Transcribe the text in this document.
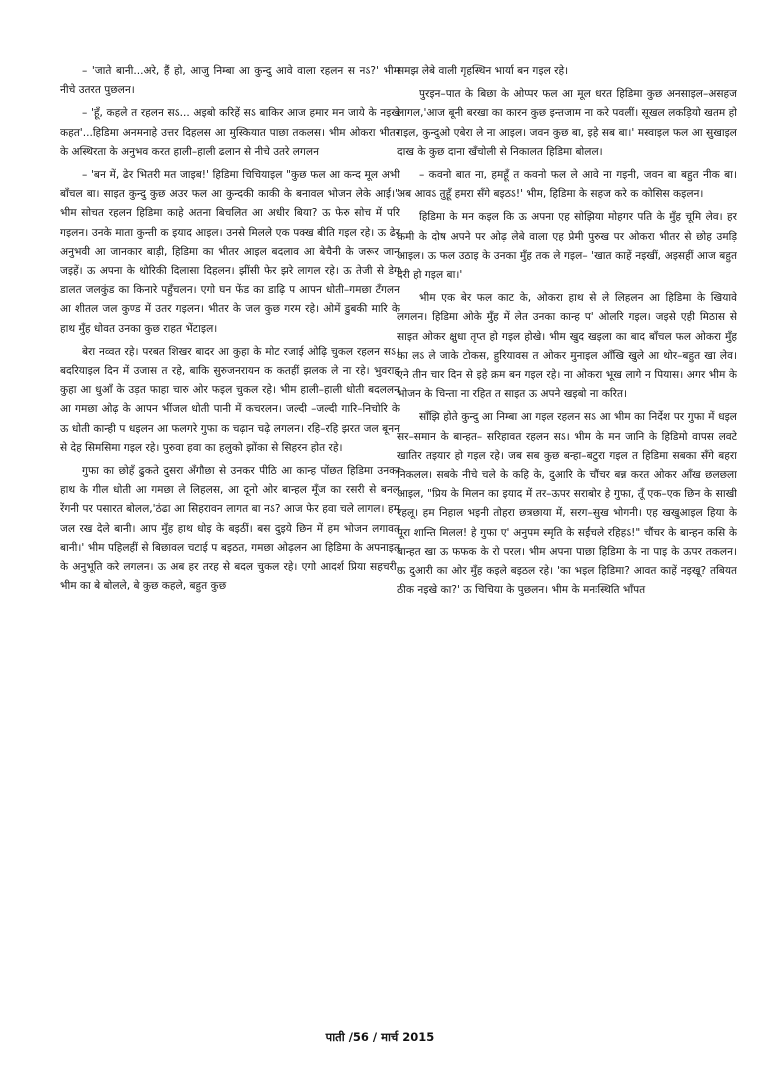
– 'जाते बानी...अरे, हैं हो, आजु निम्बा आ कुन्दु आवे वाला रहलन स नऽ?' भीम नीचे उतरत पुछलन।

– 'हूँ, कहले त रहलन सऽ... अइबो करिहें सऽ बाकिर आज हमार मन जाये के नइखे कहत'...हिडिमा अनमनाहे उत्तर दिहलस आ मुस्कियात पाछा तकलस। भीम ओकरा भीतर के अस्थिरता के अनुभव करत हाली–हाली ढलान से नीचे उतरे लगलन

– 'बन में, ढेर भितरी मत जाइब!' हिडिमा चिचियाइल "कुछ फल आ कन्द मूल अभी बाँचल बा। साइत कुन्दु कुछ अउर फल आ कुन्दकी काकी के बनावल भोजन लेके आई।" भीम सोचत रहलन हिडिमा काहे अतना बिचलित आ अधीर बिया? ऊ फेरु सोच में परि गइलन। उनके माता कुन्ती क इयाद आइल। उनसे मिलले एक पक्ख बीति गइल रहे। ऊ ढेर अनुभवी आ जानकार बाड़ी, हिडिमा का भीतर आइल बदलाव आ बेचैनी के जरूर जान जइहें। ऊ अपना के थोरिकी दिलासा दिहलन। झींसी फेर झरे लागल रहे। ऊ तेजी से डेग डालत जलकुंड का किनारे पहुँचलन। एगो घन फेंड का डाढ़ि प आपन धोती–गमछा टँगलन आ शीतल जल कुण्ड में उतर गइलन। भीतर के जल कुछ गरम रहे। ओमें डुबकी मारि के हाथ मुँह धोवत उनका कुछ राहत भेंटाइल।

बेरा नव्वत रहे। परबत शिखर बादर आ कुहा के मोट रजाई ओढ़ि चुकल रहलन सऽ। बदरियाइल दिन में उजास त रहे, बाकि सुरुजनरायन क कतहीं झलक ले ना रहे। भुवराह कुहा आ धुआँ के उड़त फाहा चारु ओर फइल चुकल रहे। भीम हाली–हाली धोती बदललन आ गमछा ओढ़ के आपन भींजल धोती पानी में कचरलन। जल्दी –जल्दी गारि–निचोरि के ऊ धोती कान्ही प धइलन आ फलगरे गुफा क चढ़ान चढ़े लगलन। रहि–रहि झरत जल बूनन से देह सिमसिमा गइल रहे। पुरुवा हवा का हलुको झोंका से सिहरन होत रहे।

गुफा का छोहँ ढुकते दुसरा अँगौछा से उनकर पीठि आ कान्ह पोंछत हिडिमा उनका हाथ के गील धोती आ गमछा ले लिहलस, आ दूनो ओर बान्हल मूँज का रसरी से बनल रेंगनी पर पसारत बोलल,'ठंढा आ सिहरावन लागत बा नऽ? आज फेर हवा चले लागल। हम जल रख देले बानी। आप मुँह हाथ धोइ के बइठीं। बस दुइये छिन में हम भोजन लगावत बानी।' भीम पहिलहीं से बिछावल चटाई प बइठत, गमछा ओढ़लन आ हिडिमा के अपनाइत के अनुभूति करे लगलन। ऊ अब हर तरह से बदल चुकल रहे। एगो आदर्श प्रिया सहचरी, भीम का बे बोलले, बे कुछ कहले, बहुत कुछ

समझ लेबे वाली गृहस्थिन भार्या बन गइल रहे।

पुरइन–पात के बिछा के ओप्पर फल आ मूल धरत हिडिमा कुछ अनसाइल–असहज लागल,'आज बूनी बरखा का कारन कुछ इन्तजाम ना करे पवलीं। सूखल लकड़ियो खतम हो गइल, कुन्दुओ एबेरा ले ना आइल। जवन कुछ बा, इहे सब बा।' मस्वाइल फल आ सुखाइल दाख के कुछ दाना खँचोली से निकालत हिडिमा बोलल।

– कवनो बात ना, हमहूँ त कवनो फल ले आवे ना गइनी, जवन बा बहुत नीक बा। अब आवऽ तुहूँ हमरा सँगे बइठऽ!' भीम, हिडिमा के सहज करे क कोसिस कइलन।

हिडिमा के मन कइल कि ऊ अपना एह सोझिया मोहगर पति के मुँह चूमि लेव। हर कमी के दोष अपने पर ओढ़ लेबे वाला एह प्रेमी पुरुख पर ओकरा भीतर से छोह उमड़ि आइल। ऊ फल उठाइ के उनका मुँह तक ले गइल– 'खात काहें नइखीं, अइसहीं आज बहुत देरी हो गइल बा।'

भीम एक बेर फल काट के, ओकरा हाथ से ले लिहलन आ हिडिमा के खियावे लगलन। हिडिमा ओके मुँह में लेत उनका कान्ह प' ओलरि गइल। जइसे एही मिठास से साइत ओकर क्षुधा तृप्त हो गइल होखे। भीम खुद खइला का बाद बाँचल फल ओकरा मुँह का लऽ ले जाके टोकस, हुरियावस त ओकर मुनाइल आँखि खुले आ थोर–बहुत खा लेव। एने तीन चार दिन से इहे क्रम बन गइल रहे। ना ओकरा भूख लागे न पियास। अगर भीम के भोजन के चिन्ता ना रहित त साइत ऊ अपने खइबो ना करित।

साँझि होते कुन्दु आ निम्बा आ गइल रहलन सऽ आ भीम का निर्देश पर गुफा में धइल सर–समान के बान्हत– सरिहावत रहलन सऽ। भीम के मन जानि के हिडिमो वापस लवटे खातिर तइयार हो गइल रहे। जब सब कुछ बन्हा–बटुरा गइल त हिडिमा सबका सँगे बहरा निकलल। सबके नीचे चले के कहि के, दुआरि के चौंचर बन्न करत ओकर आँख छलछला आइल, "प्रिय के मिलन का इयाद में तर–ऊपर सराबोर हे गुफा, तूँ एक–एक छिन के साखी रहलू। हम निहाल भइनी तोहरा छत्रछाया में, सरग–सुख भोगनी। एह खखुआइल हिया के पूरा शान्ति मिलल! हे गुफा ए' अनुपम स्मृति के सईंचले रहिहऽ!" चौंचर के बान्हन कसि के बान्हत खा ऊ फफक के रो परल। भीम अपना पाछा हिडिमा के ना पाइ के ऊपर तकलन। ऊ दुआरी का ओर मुँह कइले बइठल रहे। 'का भइल हिडिमा? आवत काहें नइखू? तबियत ठीक नइखे का?' ऊ चिचिया के पुछलन। भीम के मनःस्थिति भाँपत

पाती /56 / मार्च 2015
